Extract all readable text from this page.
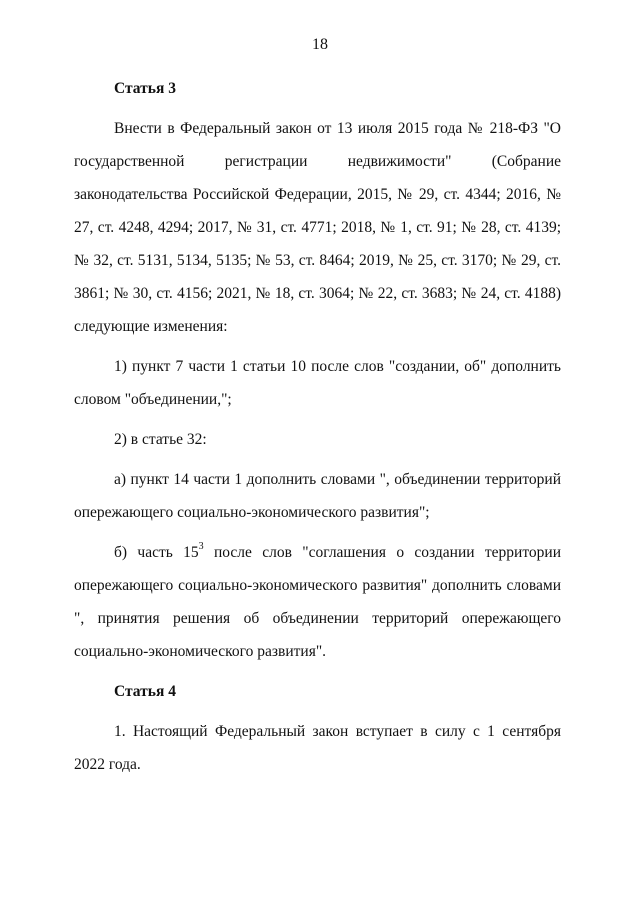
18
Статья 3

Внести в Федеральный закон от 13 июля 2015 года № 218-ФЗ "О государственной регистрации недвижимости" (Собрание законодательства Российской Федерации, 2015, № 29, ст. 4344; 2016, № 27, ст. 4248, 4294; 2017, № 31, ст. 4771; 2018, № 1, ст. 91; № 28, ст. 4139; № 32, ст. 5131, 5134, 5135; № 53, ст. 8464; 2019, № 25, ст. 3170; № 29, ст. 3861; № 30, ст. 4156; 2021, № 18, ст. 3064; № 22, ст. 3683; № 24, ст. 4188) следующие изменения:

1) пункт 7 части 1 статьи 10 после слов "создании, об" дополнить словом "объединении,";

2) в статье 32:

а) пункт 14 части 1 дополнить словами ", объединении территорий опережающего социально-экономического развития";

б) часть $15^3$ после слов "соглашения о создании территории опережающего социально-экономического развития" дополнить словами ", принятия решения об объединении территорий опережающего социально-экономического развития".

Статья 4

1. Настоящий Федеральный закон вступает в силу с 1 сентября 2022 года.
